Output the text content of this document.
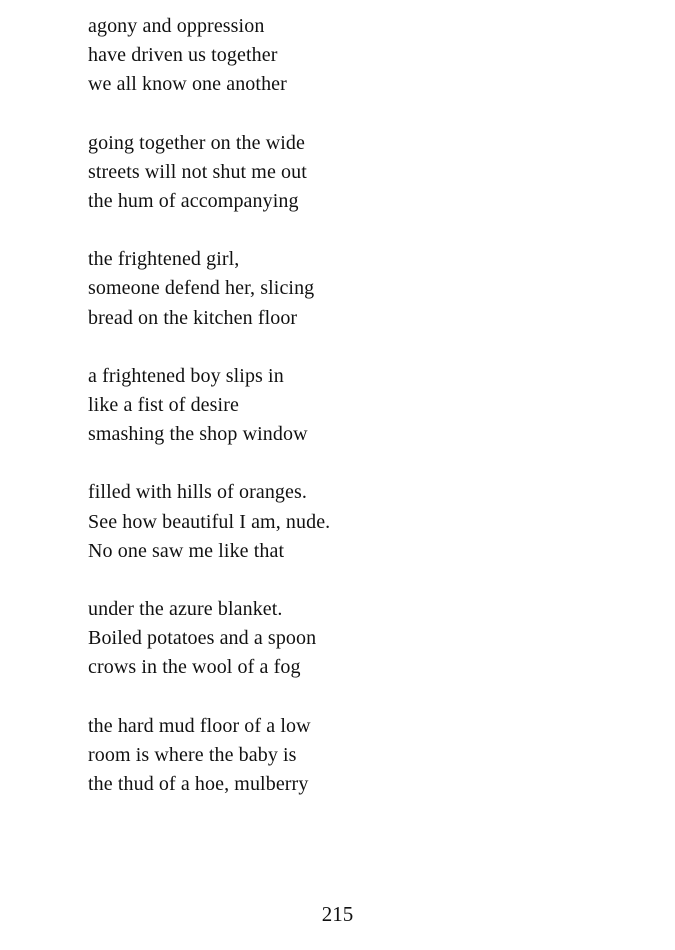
agony and oppression
have driven us together
we all know one another
going together on the wide
streets will not shut me out
the hum of accompanying
the frightened girl,
someone defend her, slicing
bread on the kitchen floor
a frightened boy slips in
like a fist of desire
smashing the shop window
filled with hills of oranges.
See how beautiful I am, nude.
No one saw me like that
under the azure blanket.
Boiled potatoes and a spoon
crows in the wool of a fog
the hard mud floor of a low
room is where the baby is
the thud of a hoe, mulberry
215
